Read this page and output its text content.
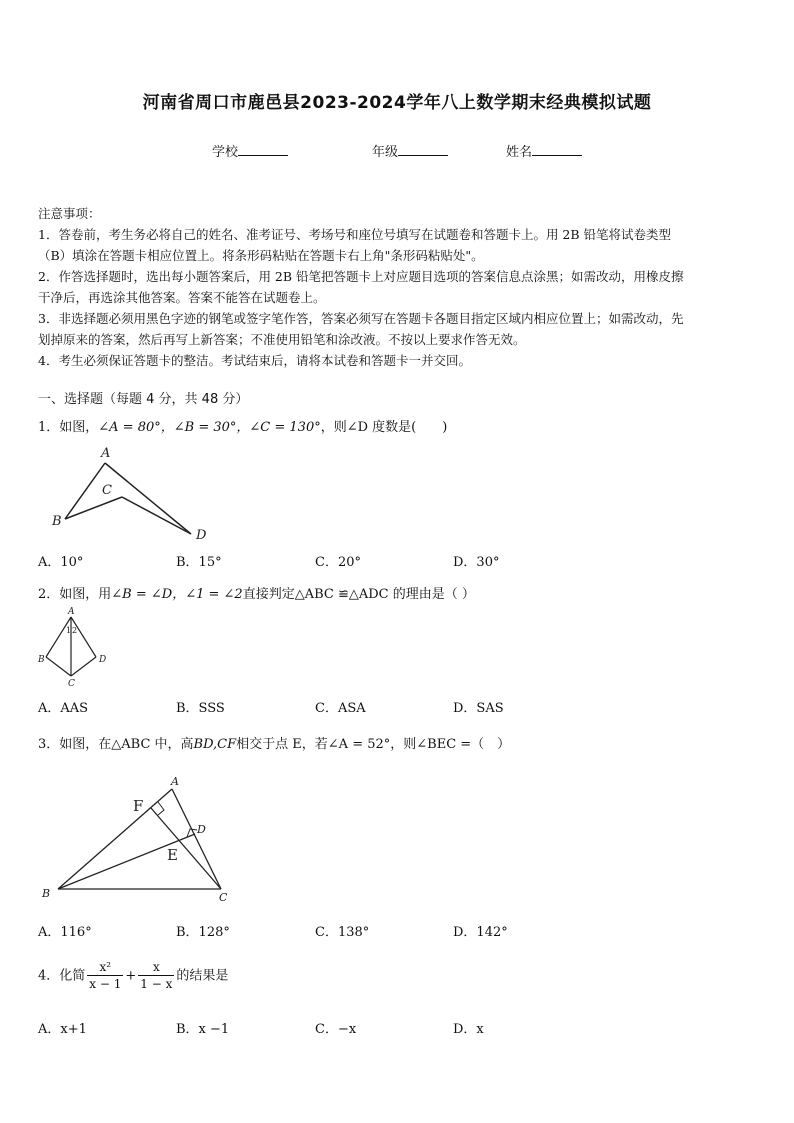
河南省周口市鹿邑县2023-2024学年八上数学期末经典模拟试题
学校	年级	姓名

注意事项：

1．答卷前，考生务必将自己的姓名、准考证号、考场号和座位号填写在试题卷和答题卡上。用 2B 铅笔将试卷类型

（B）填涂在答题卡相应位置上。将条形码粘贴在答题卡右上角"条形码粘贴处"。

2．作答选择题时，选出每小题答案后，用 2B 铅笔把答题卡上对应题目选项的答案信息点涂黑；如需改动，用橡皮擦

干净后，再选涂其他答案。答案不能答在试题卷上。

3．非选择题必须用黑色字迹的钢笔或签字笔作答，答案必须写在答题卡各题目指定区域内相应位置上；如需改动，先

划掉原来的答案，然后再写上新答案；不准使用铅笔和涂改液。不按以上要求作答无效。

4．考生必须保证答题卡的整洁。考试结束后，请将本试卷和答题卡一并交回。

一、选择题（每题 4 分，共 48 分）
1．如图，∠A = 80°，∠B = 30°，∠C = 130°，则∠D 度数是(　　)
A
B
C
D
A．10°	B．15°	C．20°	D．30°
2．如图，用∠B = ∠D，∠1 = ∠2直接判定△ABC ≌△ADC 的理由是（ ）
A
B
C
D
1 2
A．AAS	B．SSS	C．ASA	D．SAS
3．如图，在△ABC 中，高BD,CF相交于点 E，若∠A = 52°，则∠BEC =（　）
A
B	C
D
E
F
A．116°	B．128°	C．138°	D．142°
4．化简 $\frac{\text{x²}}{x - 1} + \frac{x}{1 - x}$ 的结果是
A．x+1	B．x −1	C．−x	D．x
